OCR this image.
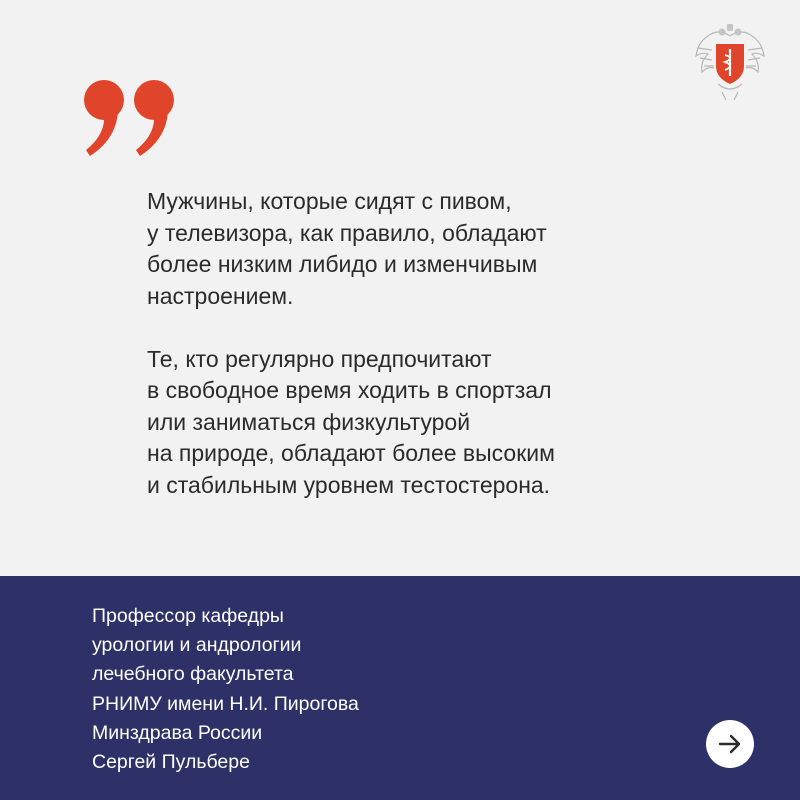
Мужчины, которые сидят с пивом,
у телевизора, как правило, обладают
более низким либидо и изменчивым
настроением.

Те, кто регулярно предпочитают
в свободное время ходить в спортзал
или заниматься физкультурой
на природе, обладают более высоким
и стабильным уровнем тестостерона.

Профессор кафедры
урологии и андрологии
лечебного факультета
РНИМУ имени Н.И. Пирогова
Минздрава России
Сергей Пульбере
